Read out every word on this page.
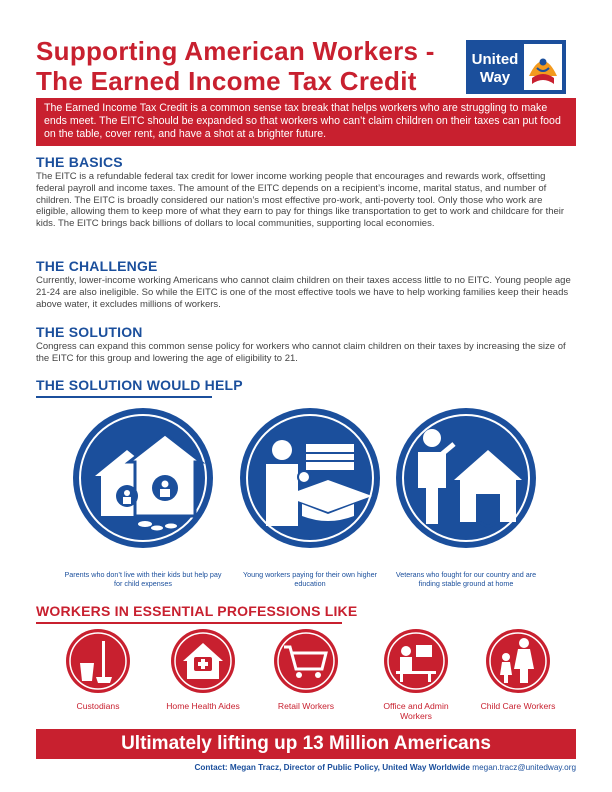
Supporting American Workers -
The Earned Income Tax Credit
United
Way
The Earned Income Tax Credit is a common sense tax break that helps workers who are struggling to make ends meet. The EITC should be expanded so that workers who can’t claim children on their taxes can put food on the table, cover rent, and have a shot at a brighter future.
THE BASICS
The EITC is a refundable federal tax credit for lower income working people that encourages and rewards work, offsetting federal payroll and income taxes. The amount of the EITC depends on a recipient’s income, marital status, and number of children. The EITC is broadly considered our nation’s most effective pro-work, anti-poverty tool. Only those who work are eligible, allowing them to keep more of what they earn to pay for things like transportation to get to work and childcare for their kids. The EITC brings back billions of dollars to local communities, supporting local economies.
THE CHALLENGE
Currently, lower-income working Americans who cannot claim children on their taxes access little to no EITC. Young people age 21-24 are also ineligible. So while the EITC is one of the most effective tools we have to help working families keep their heads above water, it excludes millions of workers.
THE SOLUTION
Congress can expand this common sense policy for workers who cannot claim children on their taxes by increasing the size of the EITC for this group and lowering the age of eligibility to 21.
THE SOLUTION WOULD HELP
Parents who don’t live with their kids but help pay for child expenses
Young workers paying for their own higher education
Veterans who fought for our country and are finding stable ground at home
WORKERS IN ESSENTIAL PROFESSIONS LIKE
Custodians	Home Health Aides	Retail Workers	Office and Admin Workers
Child Care Workers
Ultimately lifting up 13 Million Americans
Contact: Megan Tracz, Director of Public Policy, United Way Worldwide megan.tracz@unitedway.org
